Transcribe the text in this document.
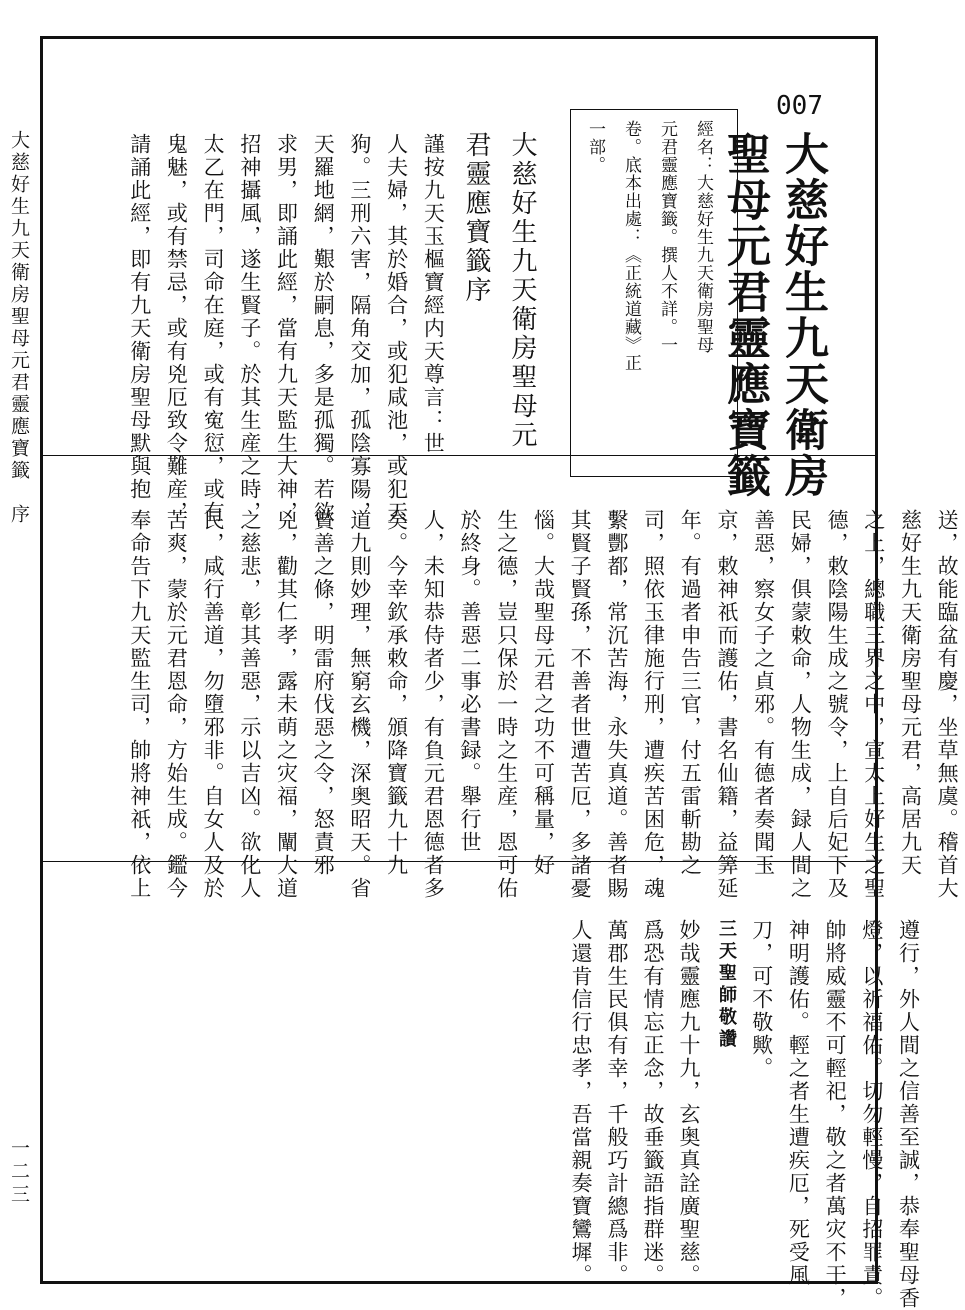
大慈好生九天衛房聖母元君靈應寶籤　序
一二三
007
大慈好生九天衛房
聖母元君靈應寶籤
經名：大慈好生九天衛房聖母
元君靈應寶籤。撰人不詳。一
卷。底本出處：《正統道藏》正
一部。
大慈好生九天衛房聖母元
君靈應寶籤序
謹按九天玉樞寶經内天尊言：世
人夫婦，其於婚合，或犯咸池，或犯天
狗。三刑六害，隔角交加，孤陰寡陽，
天羅地網，艱於嗣息，多是孤獨。若欲
求男，即誦此經，當有九天監生大神，
招神攝風，遂生賢子。於其生産之時，
太乙在門，司命在庭，或有寃愆，或有
鬼魅，或有禁忌，或有兇厄致令難産，
請誦此經，即有九天衛房聖母默與抱
送，故能臨盆有慶，坐草無虞。稽首大
慈好生九天衛房聖母元君，高居九天
之上，總職三界之中，宣太上好生之聖
德，敕陰陽生成之號令，上自后妃下及
民婦，俱蒙敕命，人物生成，録人間之
善惡，察女子之貞邪。有德者奏聞玉
京，敕神祇而護佑，書名仙籍，益筭延
年。有過者申告三官，付五雷斬勘之
司，照依玉律施行刑，遭疾苦困危，魂
繫酆都，常沉苦海，永失真道。善者賜
其賢子賢孫，不善者世遭苦厄，多諸憂
惱。大哉聖母元君之功不可稱量，好
生之德，豈只保於一時之生産，恩可佑
於終身。善惡二事必書録。舉行世
人，未知恭侍者少，有負元君恩德者多
矣。今幸欽承敕命，頒降寶籤九十九
道九則妙理，無窮玄機，深奥昭天。省
賞善之條，明雷府伐惡之令，怒責邪
兇，勸其仁孝，露未萌之灾福，闡大道
之慈悲，彰其善惡，示以吉凶。欲化人
民，咸行善道，勿墮邪非。自女人及於
苦爽，蒙於元君恩命，方始生成。鑑今
奉命告下九天監生司，帥將神祇，依上
遵行，外人間之信善至誠，恭奉聖母香
燈，以祈福佑。切勿輕慢，自招罪責。
帥將威靈不可輕祀，敬之者萬灾不干，
神明護佑。輕之者生遭疾厄，死受風
刀，可不敬歟。
三天聖師敬讚
妙哉靈應九十九，玄奥真詮廣聖慈。
爲恐有情忘正念，故垂籤語指群迷。
萬郡生民俱有幸，千般巧計總爲非。
人還肯信行忠孝，吾當親奏寶鸞墀。
